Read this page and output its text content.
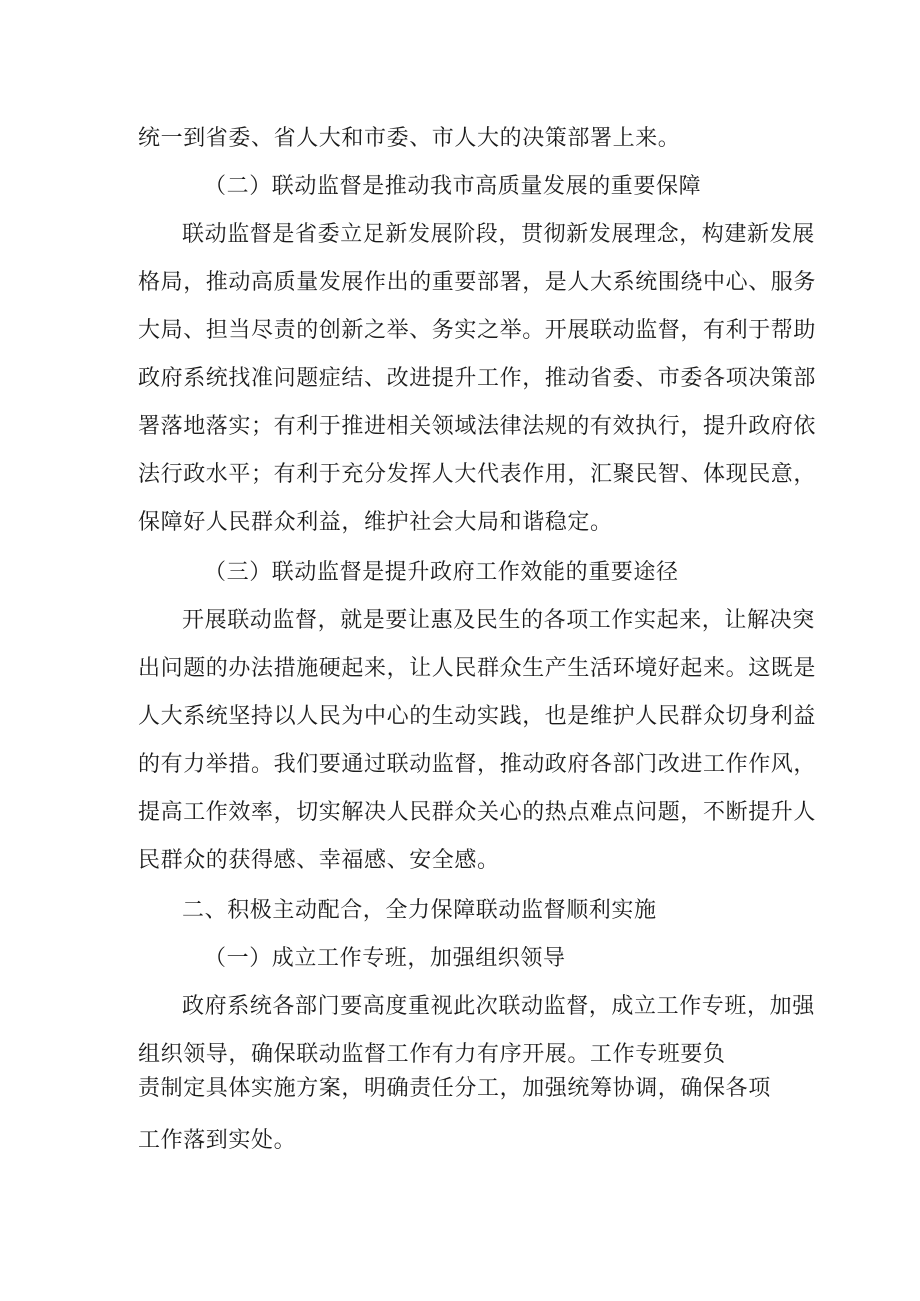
统一到省委、省人大和市委、市人大的决策部署上来。
（二）联动监督是推动我市高质量发展的重要保障
联动监督是省委立足新发展阶段，贯彻新发展理念，构建新发展
格局，推动高质量发展作出的重要部署，是人大系统围绕中心、服务
大局、担当尽责的创新之举、务实之举。开展联动监督，有利于帮助
政府系统找准问题症结、改进提升工作，推动省委、市委各项决策部
署落地落实；有利于推进相关领域法律法规的有效执行，提升政府依
法行政水平；有利于充分发挥人大代表作用，汇聚民智、体现民意，
保障好人民群众利益，维护社会大局和谐稳定。
（三）联动监督是提升政府工作效能的重要途径
开展联动监督，就是要让惠及民生的各项工作实起来，让解决突
出问题的办法措施硬起来，让人民群众生产生活环境好起来。这既是
人大系统坚持以人民为中心的生动实践，也是维护人民群众切身利益
的有力举措。我们要通过联动监督，推动政府各部门改进工作作风，
提高工作效率，切实解决人民群众关心的热点难点问题，不断提升人
民群众的获得感、幸福感、安全感。
二、积极主动配合，全力保障联动监督顺利实施
（一）成立工作专班，加强组织领导
政府系统各部门要高度重视此次联动监督，成立工作专班，加强
组织领导，确保联动监督工作有力有序开展。工作专班要负
责制定具体实施方案，明确责任分工，加强统筹协调，确保各项
工作落到实处。
